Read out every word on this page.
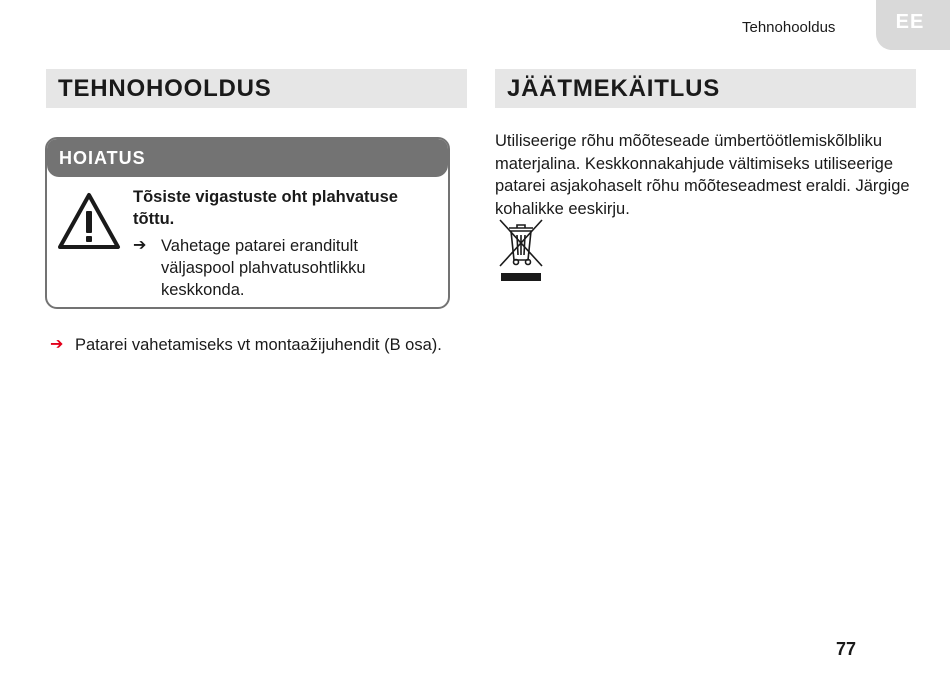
Tehnohooldus	EE
TEHNOHOOLDUS	JÄÄTMEKÄITLUS
HOIATUS
Tõsiste vigastuste oht plahvatuse tõttu.
➔ Vahetage patarei eranditult väljaspool plahvatusohtlikku keskkonda.
➔ Patarei vahetamiseks vt montaažijuhendit (B osa).
Utiliseerige rõhu mõõteseade ümbertöötlemiskõlbliku materjalina. Keskkonnakahjude vältimiseks utiliseerige patarei asjakohaselt rõhu mõõteseadmest eraldi. Järgige kohalikke eeskirju.
77
